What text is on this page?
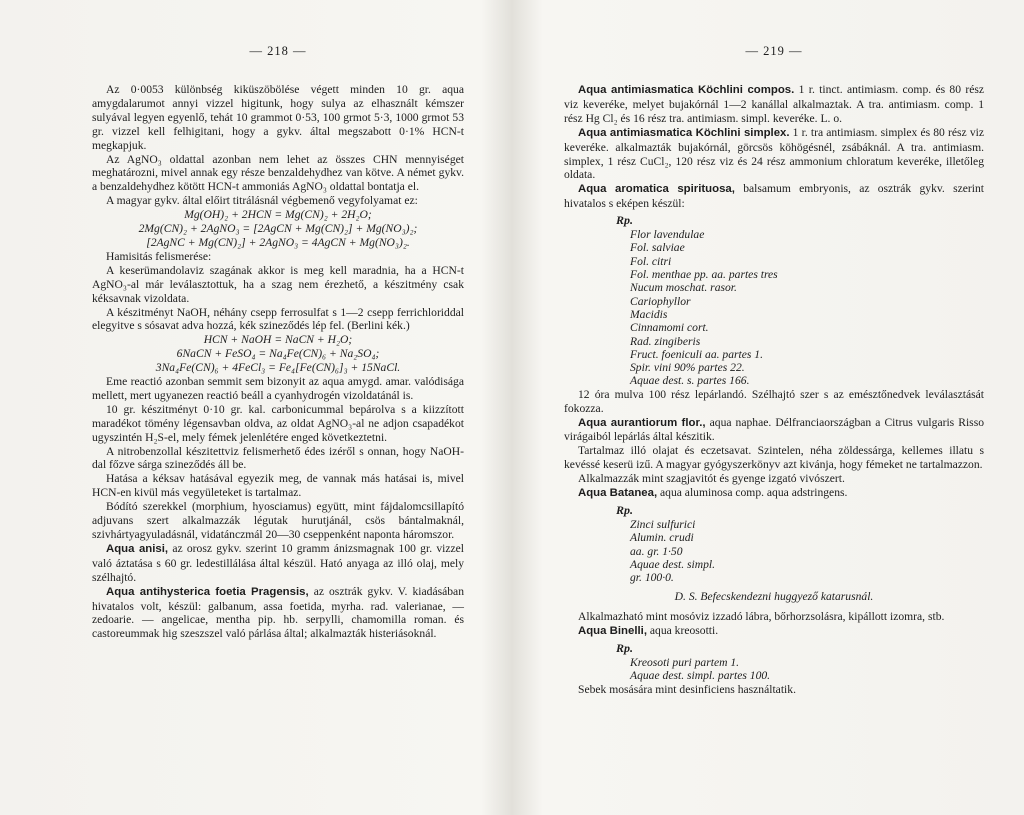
— 218 —

Az 0·0053 különbség kiküszöbölése végett minden 10 gr. aqua amygdalarumot annyi vizzel higitunk, hogy sulya az elhasznált kémszer sulyával legyen egyenlő, tehát 10 grammot 0·53, 100 grmot 5·3, 1000 grmot 53 gr. vizzel kell felhigitani, hogy a gykv. által megszabott 0·1% HCN-t megkapjuk.

Az AgNO₃ oldattal azonban nem lehet az összes CHN mennyiséget meghatározni, mivel annak egy része benzaldehydhez van kötve. A német gykv. a benzaldehydhez kötött HCN-t ammoniás AgNO₃ oldattal bontatja el.

A magyar gykv. által előirt titrálásnál végbemenő vegyfolyamat ez:

Mg(OH)₂ + 2HCN = Mg(CN)₂ + 2H₂O;
2Mg(CN)₂ + 2AgNO₃ = [2AgCN + Mg(CN)₂] + Mg(NO₃)₂;
[2AgNC + Mg(CN)₂] + 2AgNO₃ = 4AgCN + Mg(NO₃)₂.

Hamisitás felismerése:

A keserümandolaviz szagának akkor is meg kell maradnia, ha a HCN-t AgNO₃-al már leválasztottuk, ha a szag nem érezhető, a készitmény csak kéksavnak vizoldata.

A készitményt NaOH, néhány csepp ferrosulfat s 1—2 csepp ferrichloriddal elegyitve s sósavat adva hozzá, kék szineződés lép fel. (Berlini kék.)

HCN + NaOH = NaCN + H₂O;
6NaCN + FeSO₄ = Na₄Fe(CN)₆ + Na₂SO₄;
3Na₄Fe(CN)₆ + 4FeCl₃ = Fe₄[Fe(CN)₆]₃ + 15NaCl.

Eme reactió azonban semmit sem bizonyit az aqua amygd. amar. valódisága mellett, mert ugyanezen reactió beáll a cyanhydrogén vizoldatánál is.

10 gr. készitményt 0·10 gr. kal. carbonicummal bepárolva s a kiizzított maradékot tömény légensavban oldva, az oldat AgNO₃-al ne adjon csapadékot ugyszintén H₂S-el, mely fémek jelenlétére enged következtetni.

A nitrobenzollal készitettviz felismerhető édes izéről s onnan, hogy NaOH-dal főzve sárga szineződés áll be.

Hatása a kéksav hatásával egyezik meg, de vannak más hatásai is, mivel HCN-en kivül más vegyületeket is tartalmaz.

Bódító szerekkel (morphium, hyosciamus) együtt, mint fájdalomcsillapító adjuvans szert alkalmazzák légutak hurutjánál, csös bántalmaknál, szivhártyagyuladásnál, vidatánczmál 20—30 cseppenként naponta háromszor.

Aqua anisi, az orosz gykv. szerint 10 gramm ánizsmagnak 100 gr. vizzel való áztatása s 60 gr. ledestillálása által készül. Ható anyaga az illó olaj, mely szélhajtó.

Aqua antihysterica foetia Pragensis, az osztrák gykv. V. kiadásában hivatalos volt, készül: galbanum, assa foetida, myrha. rad. valerianae, — zedoarie. — angelicae, mentha pip. hb. serpylli, chamomilla roman. és castoreummak hig szeszszel való párlása által; alkalmazták histeriásoknál.

— 219 —

Aqua antimiasmatica Köchlini compos. 1 r. tinct. antimiasm. comp. és 80 rész viz keveréke, melyet bujakórnál 1—2 kanállal alkalmaztak. A tra. antimiasm. comp. 1 rész Hg Cl₂ és 16 rész tra. antimiasm. simpl. keveréke. L. o.

Aqua antimiasmatica Köchlini simplex. 1 r. tra antimiasm. simplex és 80 rész viz keveréke. alkalmazták bujakórnál, görcsös köhögésnél, zsábáknál. A tra. antimiasm. simplex, 1 rész CuCl₂, 120 rész viz és 24 rész ammonium chloratum keveréke, illetőleg oldata.

Aqua aromatica spirituosa, balsamum embryonis, az osztrák gykv. szerint hivatalos s eképen készül:

Rp.
Flor lavendulae
Fol. salviae
Fol. citri
Fol. menthae pp. aa. partes tres
Nucum moschat. rasor.
Cariophyllor
Macidis
Cinnamomi cort.
Rad. zingiberis
Fruct. foeniculi aa. partes 1.
Spir. vini 90% partes 22.
Aquae dest. s. partes 166.

12 óra mulva 100 rész lepárlandó. Szélhajtó szer s az emésztőnedvek leválasztását fokozza.

Aqua aurantiorum flor., aqua naphae. Délfranciaországban a Citrus vulgaris Risso virágaiból lepárlás által készitik.

Tartalmaz illó olajat és eczetsavat. Szintelen, néha zöldessárga, kellemes illatu s kevéssé keserü izű. A magyar gyógyszerkönyv azt kivánja, hogy fémeket ne tartalmazzon.

Alkalmazzák mint szagjavitót és gyenge izgató vivószert.

Aqua Batanea, aqua aluminosa comp. aqua adstringens.

Rp.
Zinci sulfurici
Alumin. crudi
aa. gr. 1·50
Aquae dest. simpl.
gr. 100·0.
D. S. Befecskendezni huggyező katarusnál.

Alkalmazható mint mosóviz izzadó lábra, bőrhorzsolásra, kipállott izomra, stb.

Aqua Binelli, aqua kreosotti.

Rp.
Kreosoti puri partem 1.
Aquae dest. simpl. partes 100.

Sebek mosására mint desinficiens használtatik.
